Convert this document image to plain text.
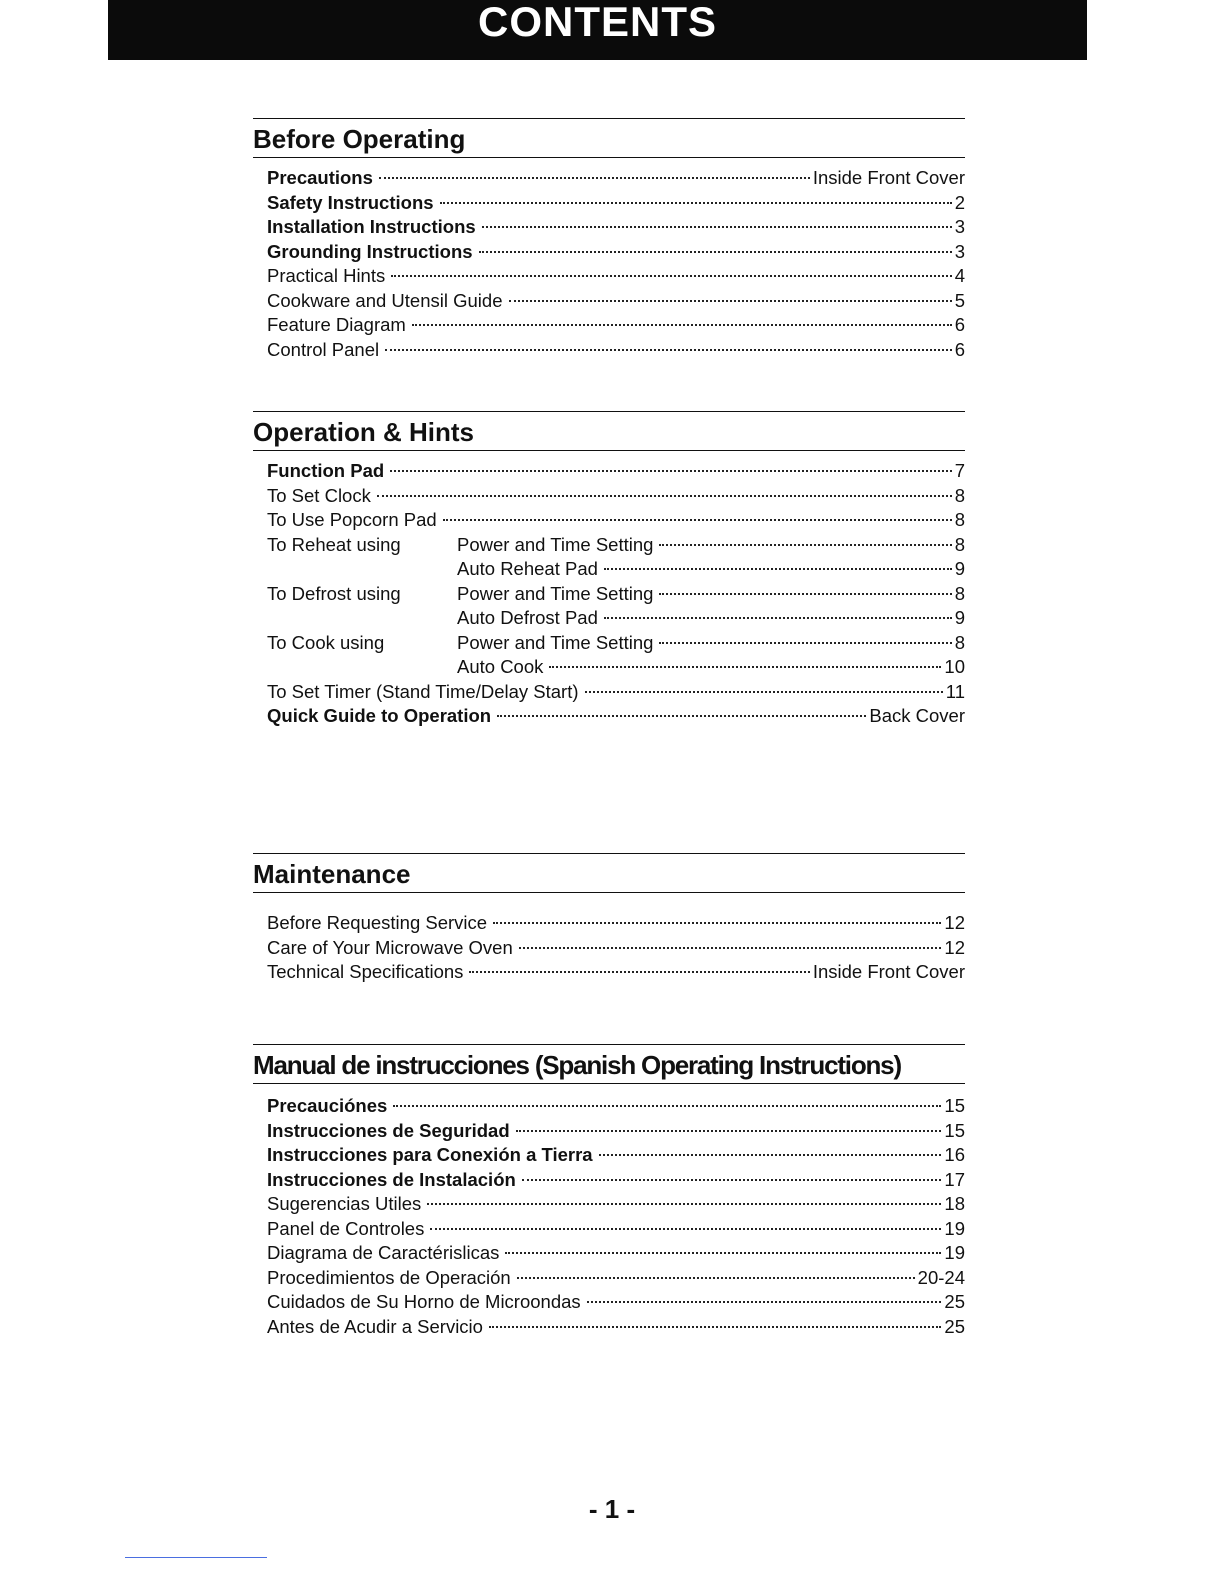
CONTENTS
Before Operating
Precautions	Inside Front Cover
Safety Instructions	2
Installation Instructions	3
Grounding Instructions	3
Practical Hints	4
Cookware and Utensil Guide	5
Feature Diagram	6
Control Panel	6
Operation & Hints
Function Pad	7
To Set Clock	8
To Use Popcorn Pad	8
To Reheat using	Power and Time Setting	8
Auto Reheat Pad	9
To Defrost using	Power and Time Setting	8
Auto Defrost Pad	9
To Cook using	Power and Time Setting	8
Auto Cook	10
To Set Timer (Stand Time/Delay Start)	11
Quick Guide to Operation	Back Cover
Maintenance
Before Requesting Service	12
Care of Your Microwave Oven	12
Technical Specifications	Inside Front Cover
Manual de instrucciones (Spanish Operating Instructions)
Precauciónes	15
Instrucciones de Seguridad	15
Instrucciones para Conexión a Tierra	16
Instrucciones de Instalación	17
Sugerencias Utiles	18
Panel de Controles	19
Diagrama de Caractérislicas	19
Procedimientos de Operación	20-24
Cuidados de Su Horno de Microondas	25
Antes de Acudir a Servicio	25
- 1 -
